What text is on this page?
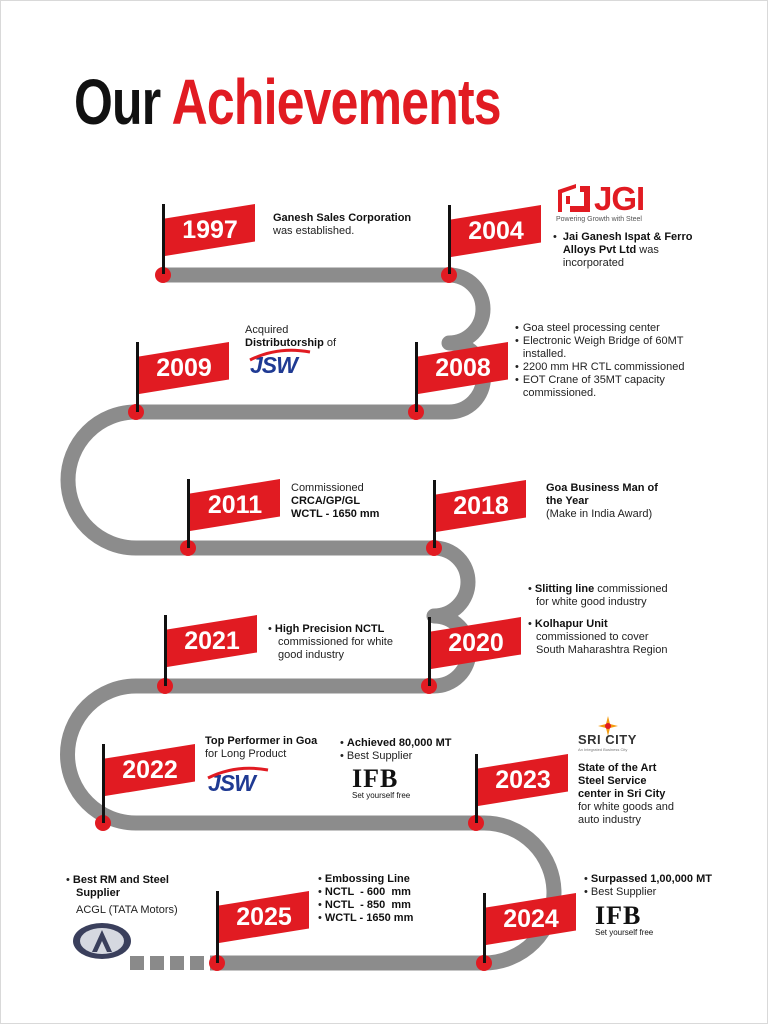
Our Achievements
1997	2004
2009	2008
2011	2018
2021	2020
2022	2023
2025	2024
Ganesh Sales Corporation
was established.
JGI
Powering Growth with Steel
• Jai Ganesh Ispat & Ferro Alloys Pvt Ltd was incorporated
Acquired
Distributorship of
JSW
• Goa steel processing center
• Electronic Weigh Bridge of 60MT installed.
• 2200 mm HR CTL commissioned
• EOT Crane of 35MT capacity commissioned.
Commissioned
CRCA/GP/GL
WCTL - 1650 mm
Goa Business Man of
the Year
(Make in India Award)
• Slitting line commissioned
for white good industry
• Kolhapur Unit
commissioned to cover
South Maharashtra Region
• High Precision NCTL
commissioned for white
good industry
Top Performer in Goa
for Long Product
JSW
• Achieved 80,000 MT
• Best Supplier
IFB
Set yourself free
SRI CITY
An Integrated Business City
State of the Art
Steel Service
center in Sri City
for white goods and
auto industry
• Best RM and Steel
Supplier
ACGL (TATA Motors)
• Embossing Line
• NCTL  - 600  mm
• NCTL  - 850  mm
• WCTL - 1650 mm
• Surpassed 1,00,000 MT
• Best Supplier
IFB
Set yourself free
